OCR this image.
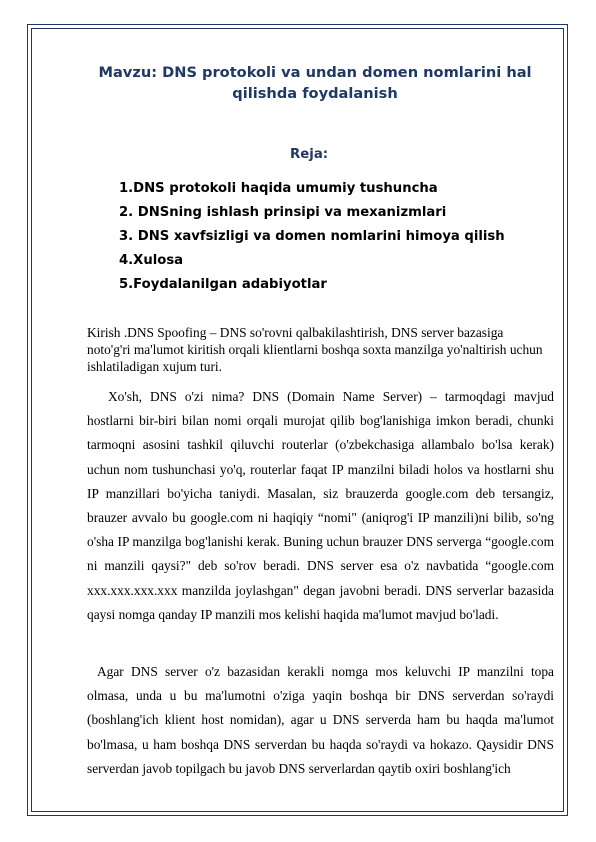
Mavzu: DNS protokoli va undan domen nomlarini hal qilishda foydalanish
Reja:
1.DNS protokoli haqida umumiy tushuncha
2. DNSning ishlash prinsipi va mexanizmlari
3. DNS xavfsizligi va domen nomlarini himoya qilish
4.Xulosa
5.Foydalanilgan adabiyotlar

Kirish .DNS Spoofing – DNS so'rovni qalbakilashtirish, DNS server bazasiga noto'g'ri ma'lumot kiritish orqali klientlarni boshqa soxta manzilga yo'naltirish uchun ishlatiladigan xujum turi.

Xo'sh, DNS o'zi nima? DNS (Domain Name Server) – tarmoqdagi mavjud hostlarni bir-biri bilan nomi orqali murojat qilib bog'lanishiga imkon beradi, chunki tarmoqni asosini tashkil qiluvchi routerlar (o'zbekchasiga allambalo bo'lsa kerak) uchun nom tushunchasi yo'q, routerlar faqat IP manzilni biladi holos va hostlarni shu IP manzillari bo'yicha taniydi. Masalan, siz brauzerda google.com deb tersangiz, brauzer avvalo bu google.com ni haqiqiy “nomi" (aniqrog'i IP manzili)ni bilib, so'ng o'sha IP manzilga bog'lanishi kerak. Buning uchun brauzer DNS serverga “google.com ni manzili qaysi?" deb so'rov beradi. DNS server esa o'z navbatida “google.com xxx.xxx.xxx.xxx manzilda joylashgan" degan javobni beradi. DNS serverlar bazasida qaysi nomga qanday IP manzili mos kelishi haqida ma'lumot mavjud bo'ladi.

Agar DNS server o'z bazasidan kerakli nomga mos keluvchi IP manzilni topa olmasa, unda u bu ma'lumotni o'ziga yaqin boshqa bir DNS serverdan so'raydi (boshlang'ich klient host nomidan), agar u DNS serverda ham bu haqda ma'lumot bo'lmasa, u ham boshqa DNS serverdan bu haqda so'raydi va hokazo. Qaysidir DNS serverdan javob topilgach bu javob DNS serverlardan qaytib oxiri boshlang'ich
